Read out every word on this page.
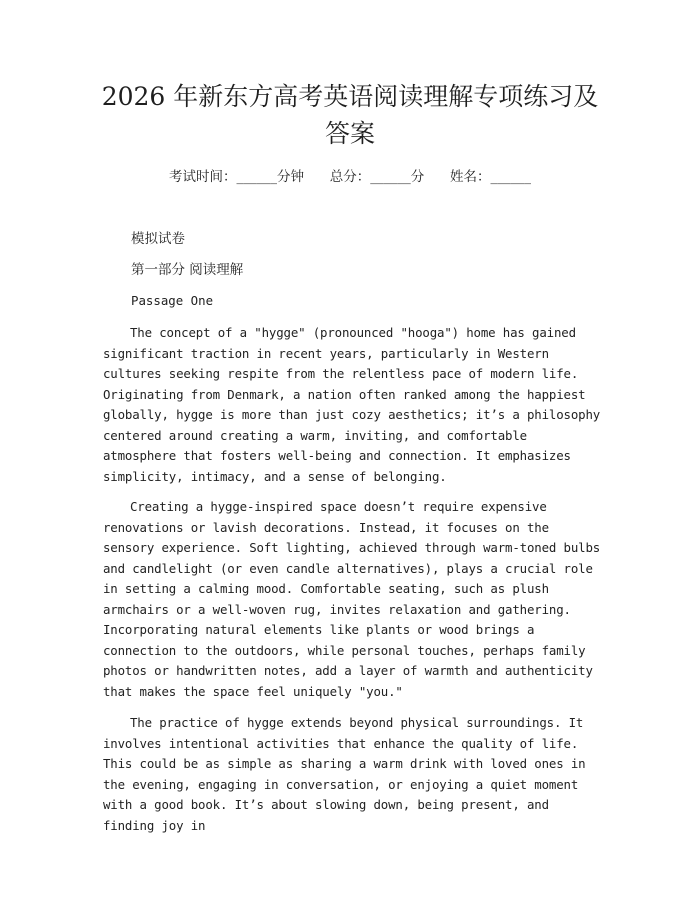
2026 年新东方高考英语阅读理解专项练习及
答案
考试时间：______分钟 总分：______分 姓名：______
模拟试卷
第一部分 阅读理解
Passage One

The concept of a "hygge" (pronounced "hooga") home has gained significant traction in recent years, particularly in Western cultures seeking respite from the relentless pace of modern life. Originating from Denmark, a nation often ranked among the happiest globally, hygge is more than just cozy aesthetics; it’s a philosophy centered around creating a warm, inviting, and comfortable atmosphere that fosters well-being and connection. It emphasizes simplicity, intimacy, and a sense of belonging.

Creating a hygge-inspired space doesn’t require expensive renovations or lavish decorations. Instead, it focuses on the sensory experience. Soft lighting, achieved through warm-toned bulbs and candlelight (or even candle alternatives), plays a crucial role in setting a calming mood. Comfortable seating, such as plush armchairs or a well-woven rug, invites relaxation and gathering. Incorporating natural elements like plants or wood brings a connection to the outdoors, while personal touches, perhaps family photos or handwritten notes, add a layer of warmth and authenticity that makes the space feel uniquely "you."

The practice of hygge extends beyond physical surroundings. It involves intentional activities that enhance the quality of life. This could be as simple as sharing a warm drink with loved ones in the evening, engaging in conversation, or enjoying a quiet moment with a good book. It’s about slowing down, being present, and finding joy in
